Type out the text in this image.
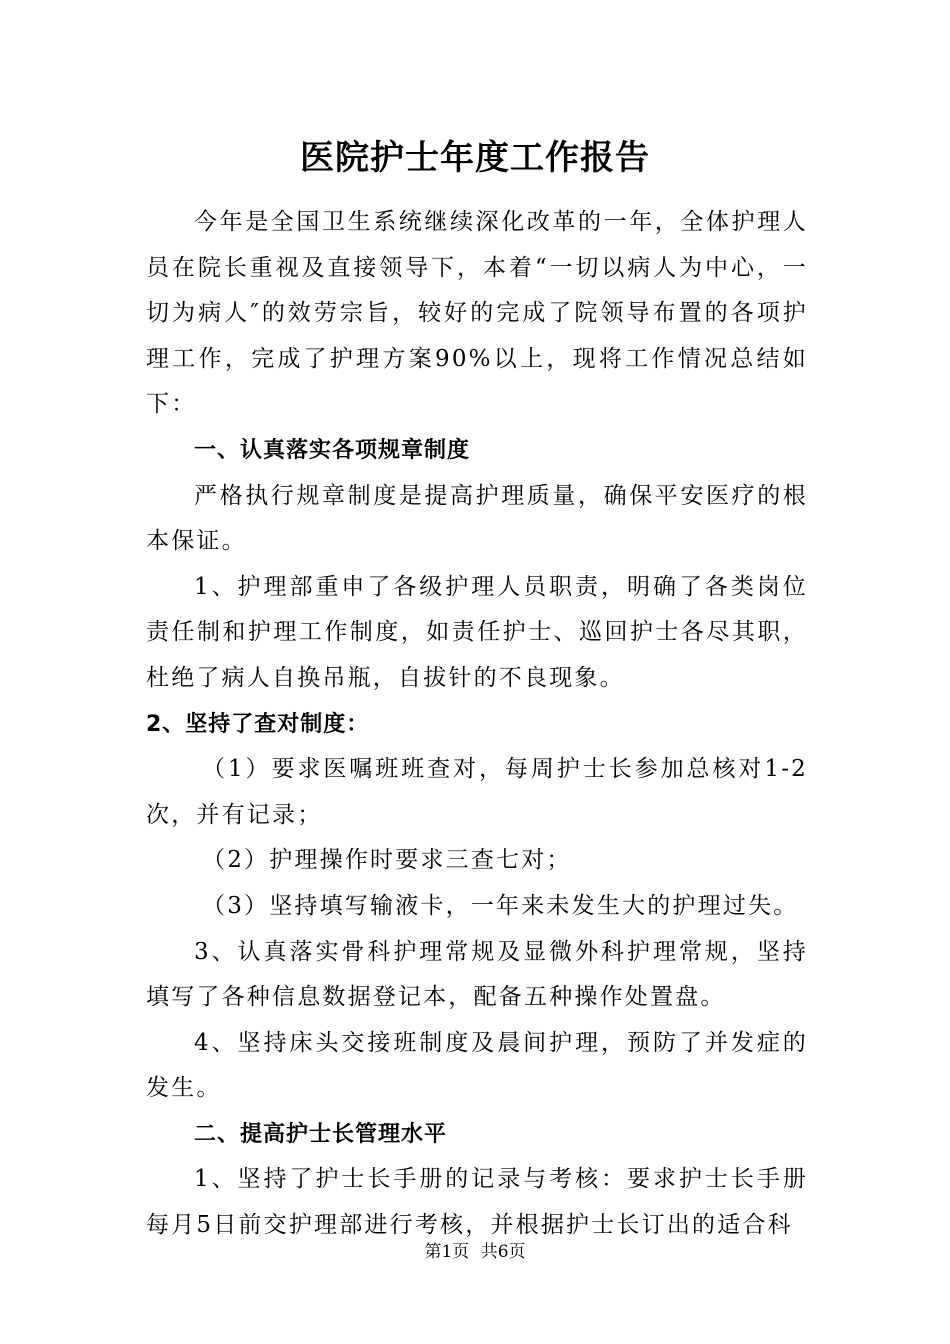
医院护士年度工作报告

今年是全国卫生系统继续深化改革的一年，全体护理人员在院长重视及直接领导下，本着“一切以病人为中心，一切为病人″的效劳宗旨，较好的完成了院领导布置的各项护理工作，完成了护理方案90%以上，现将工作情况总结如下：

一、认真落实各项规章制度

严格执行规章制度是提高护理质量，确保平安医疗的根本保证。

1、护理部重申了各级护理人员职责，明确了各类岗位责任制和护理工作制度，如责任护士、巡回护士各尽其职，杜绝了病人自换吊瓶，自拔针的不良现象。

2、坚持了查对制度：

（1）要求医嘱班班查对，每周护士长参加总核对1-2次，并有记录；

（2）护理操作时要求三查七对；

（3）坚持填写输液卡，一年来未发生大的护理过失。

3、认真落实骨科护理常规及显微外科护理常规，坚持填写了各种信息数据登记本，配备五种操作处置盘。

4、坚持床头交接班制度及晨间护理，预防了并发症的发生。

二、提高护士长管理水平

1、坚持了护士长手册的记录与考核：要求护士长手册每月5日前交护理部进行考核，并根据护士长订出的适合科

第1页 共6页
